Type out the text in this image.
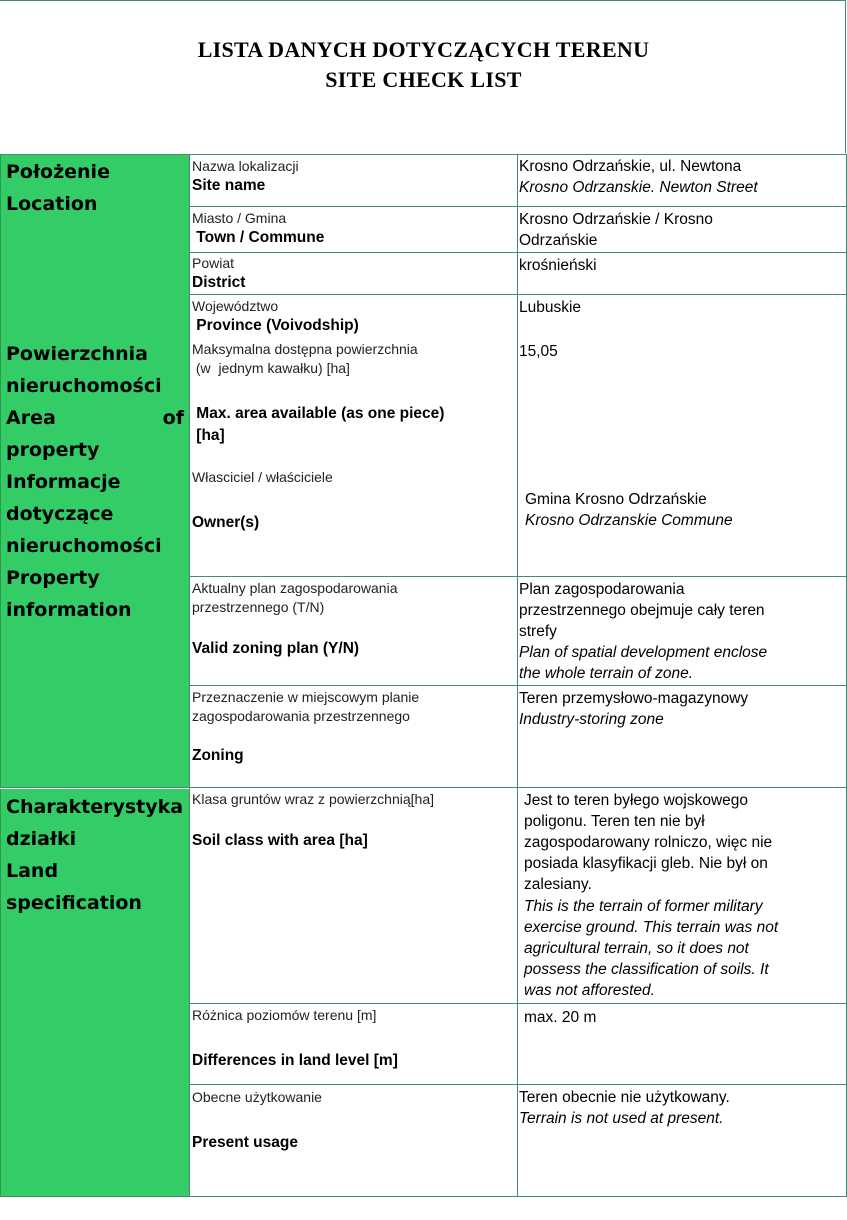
LISTA DANYCH DOTYCZĄCYCH TERENU
SITE CHECK LIST
Położenie
Location
Powierzchnia
nieruchomości
Area	of
property
Informacje
dotyczące
nieruchomości
Property
information
Charakterystyka
działki
Land
specification
Nazwa lokalizacji
Site name
Krosno Odrzańskie, ul. Newtona
Krosno Odrzanskie. Newton Street
Miasto / Gmina
Town / Commune
Krosno Odrzańskie / Krosno
Odrzańskie
Powiat
District
krośnieński
Województwo
Province (Voivodship)
Lubuskie
Maksymalna dostępna powierzchnia
(w  jednym kawałku) [ha]
Max. area available (as one piece)
[ha]
15,05
Własciciel / właściciele
Owner(s)
Gmina Krosno Odrzańskie
Krosno Odrzanskie Commune
Aktualny plan zagospodarowania
przestrzennego (T/N)
Valid zoning plan (Y/N)
Plan zagospodarowania
przestrzennego obejmuje cały teren
strefy
Plan of spatial development enclose
the whole terrain of zone.
Przeznaczenie w miejscowym planie
zagospodarowania przestrzennego
Zoning
Teren przemysłowo-magazynowy
Industry-storing zone
Klasa gruntów wraz z powierzchnią[ha]
Soil class with area [ha]
Jest to teren byłego wojskowego
poligonu. Teren ten nie był
zagospodarowany rolniczo, więc nie
posiada klasyfikacji gleb. Nie był on
zalesiany.
This is the terrain of former military
exercise ground. This terrain was not
agricultural terrain, so it does not
possess the classification of soils. It
was not afforested.
Różnica poziomów terenu [m]
Differences in land level [m]
max. 20 m
Obecne użytkowanie
Present usage
Teren obecnie nie użytkowany.
Terrain is not used at present.
